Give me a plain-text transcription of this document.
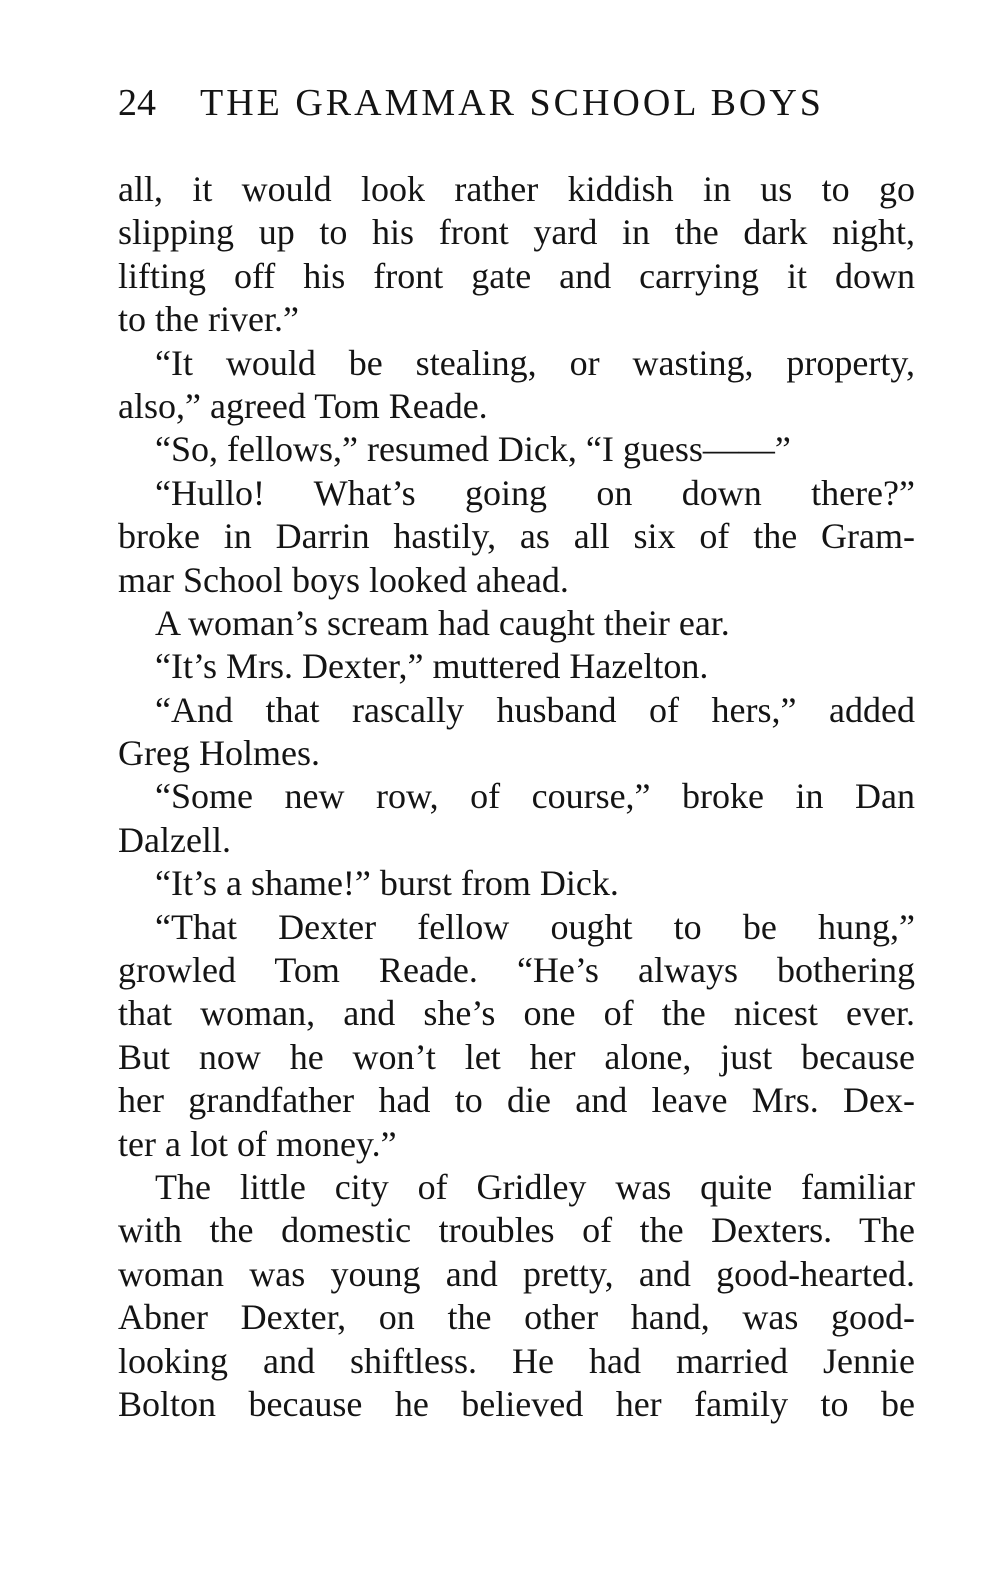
24 THE GRAMMAR SCHOOL BOYS
all, it would look rather kiddish in us to go
slipping up to his front yard in the dark night,
lifting off his front gate and carrying it down
to the river.”
“It would be stealing, or wasting, property,
also,” agreed Tom Reade.
“So, fellows,” resumed Dick, “I guess——”
“Hullo! What’s going on down there?”
broke in Darrin hastily, as all six of the Gram-
mar School boys looked ahead.
A woman’s scream had caught their ear.
“It’s Mrs. Dexter,” muttered Hazelton.
“And that rascally husband of hers,” added
Greg Holmes.
“Some new row, of course,” broke in Dan
Dalzell.
“It’s a shame!” burst from Dick.
“That Dexter fellow ought to be hung,”
growled Tom Reade. “He’s always bothering
that woman, and she’s one of the nicest ever.
But now he won’t let her alone, just because
her grandfather had to die and leave Mrs. Dex-
ter a lot of money.”
The little city of Gridley was quite familiar
with the domestic troubles of the Dexters. The
woman was young and pretty, and good-hearted.
Abner Dexter, on the other hand, was good-
looking and shiftless. He had married Jennie
Bolton because he believed her family to be
